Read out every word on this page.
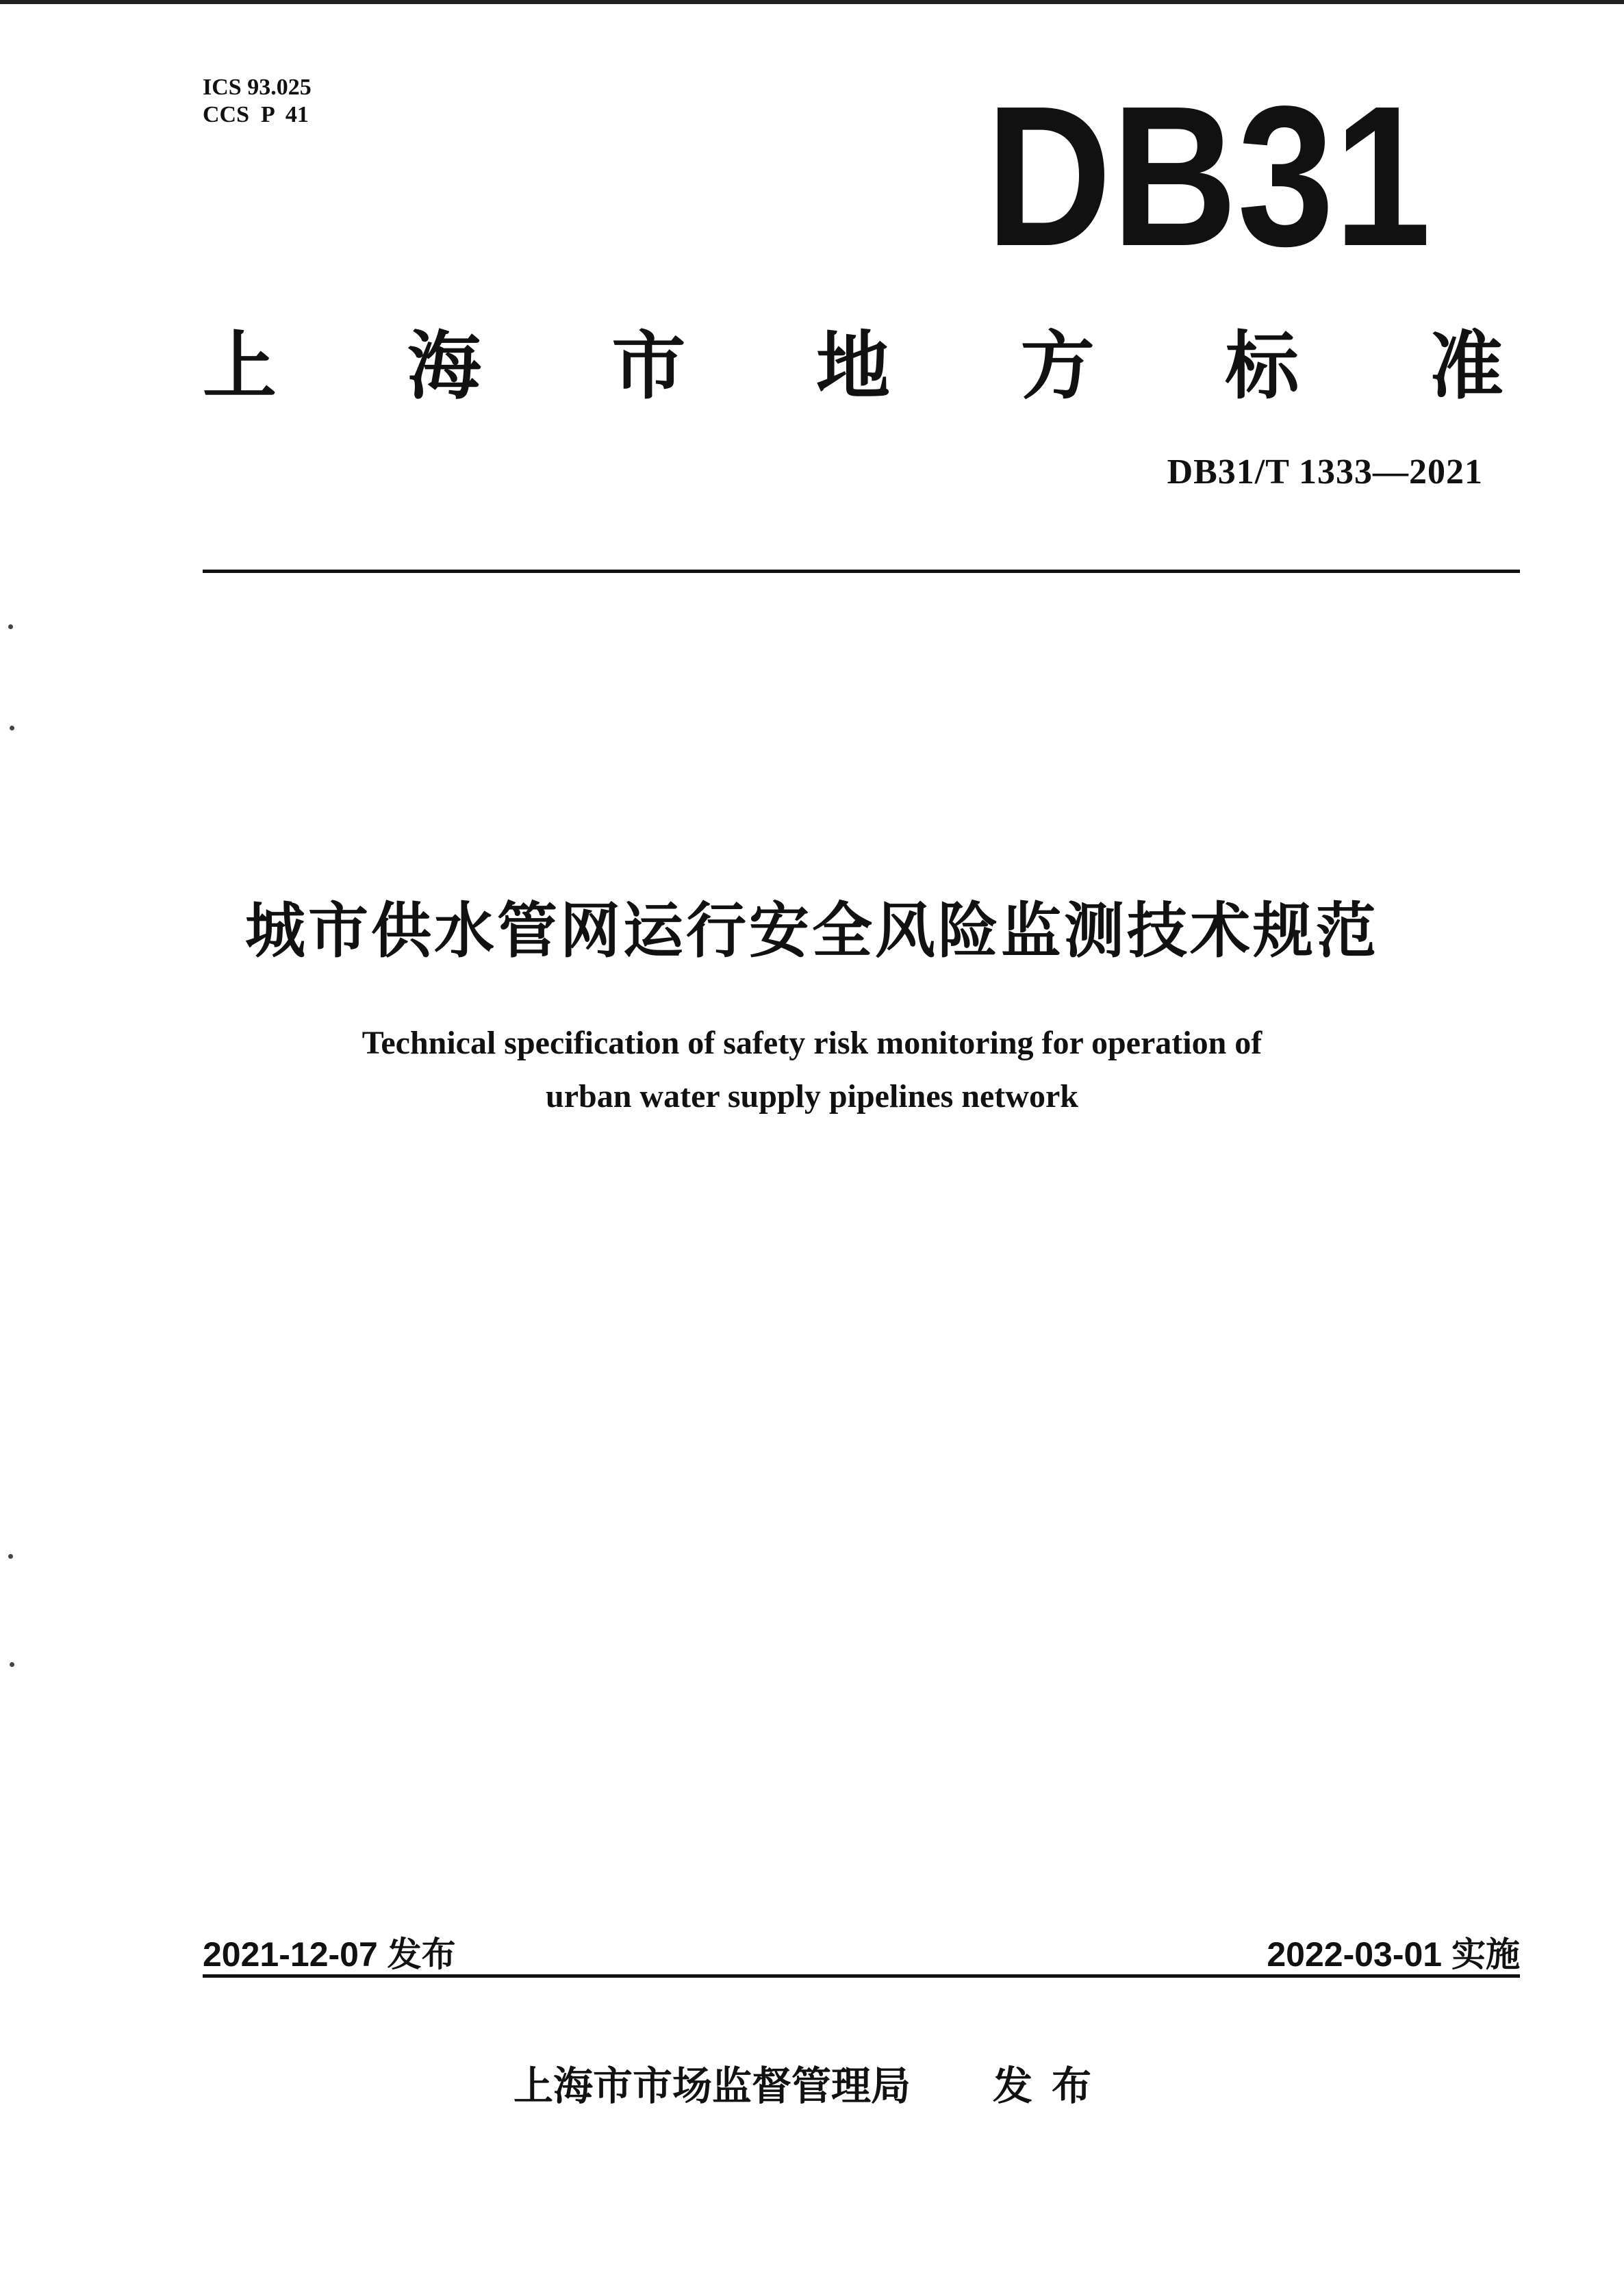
ICS 93.025
CCS  P  41	DB31
上 海 市 地 方 标 准
DB31/T 1333—2021
城市供水管网运行安全风险监测技术规范
Technical specification of safety risk monitoring for operation of
urban water supply pipelines network
2021-12-07 发布	2022-03-01 实施
上海市市场监督管理局 发布
